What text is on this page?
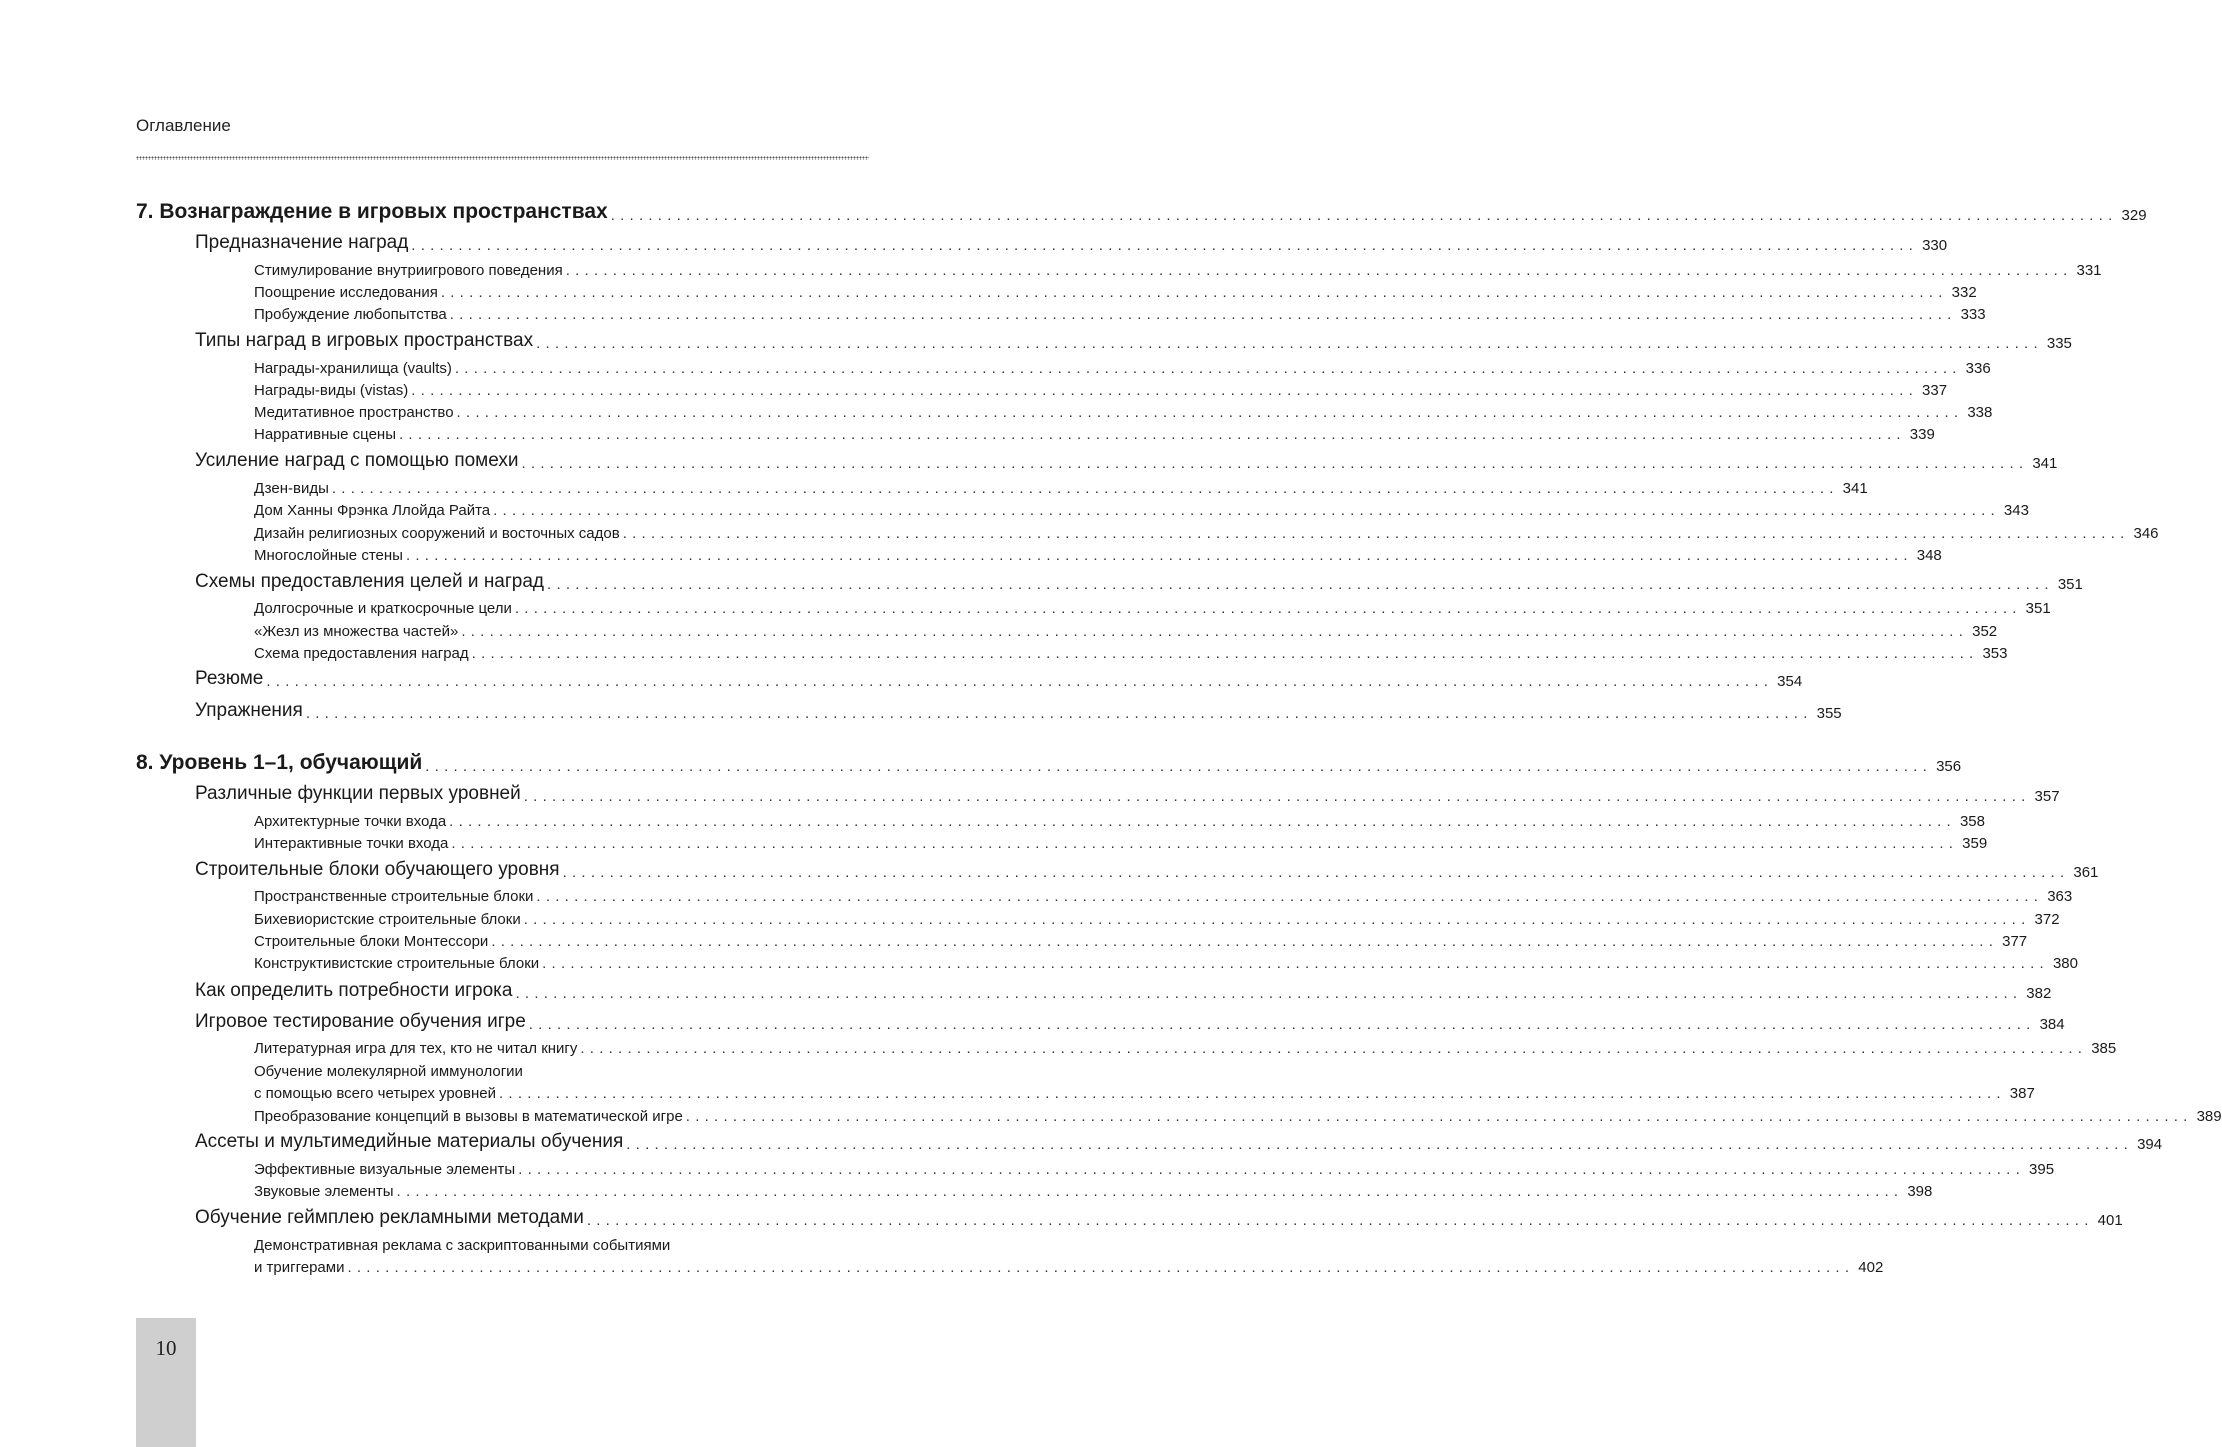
Оглавление
7. Вознаграждение в игровых пространствах ................................................................................................................................................................ 329
Предназначение наград ................................................................................................................................................................ 330
Стимулирование внутриигрового поведения ................................................................................................................................................................ 331
Поощрение исследования ................................................................................................................................................................ 332
Пробуждение любопытства ................................................................................................................................................................ 333
Типы наград в игровых пространствах ................................................................................................................................................................ 335
Награды-хранилища (vaults) ................................................................................................................................................................ 336
Награды-виды (vistas) ................................................................................................................................................................ 337
Медитативное пространство ................................................................................................................................................................ 338
Нарративные сцены ................................................................................................................................................................ 339
Усиление наград с помощью помехи ................................................................................................................................................................ 341
Дзен-виды ................................................................................................................................................................ 341
Дом Ханны Фрэнка Ллойда Райта ................................................................................................................................................................ 343
Дизайн религиозных сооружений и восточных садов ................................................................................................................................................................ 346
Многослойные стены ................................................................................................................................................................ 348
Схемы предоставления целей и наград ................................................................................................................................................................ 351
Долгосрочные и краткосрочные цели ................................................................................................................................................................ 351
«Жезл из множества частей» ................................................................................................................................................................ 352
Схема предоставления наград ................................................................................................................................................................ 353
Резюме ................................................................................................................................................................ 354
Упражнения ................................................................................................................................................................ 355
8. Уровень 1–1, обучающий ................................................................................................................................................................ 356
Различные функции первых уровней ................................................................................................................................................................ 357
Архитектурные точки входа ................................................................................................................................................................ 358
Интерактивные точки входа ................................................................................................................................................................ 359
Строительные блоки обучающего уровня ................................................................................................................................................................ 361
Пространственные строительные блоки ................................................................................................................................................................ 363
Бихевиористские строительные блоки ................................................................................................................................................................ 372
Строительные блоки Монтессори ................................................................................................................................................................ 377
Конструктивистские строительные блоки ................................................................................................................................................................ 380
Как определить потребности игрока ................................................................................................................................................................ 382
Игровое тестирование обучения игре ................................................................................................................................................................ 384
Литературная игра для тех, кто не читал книгу ................................................................................................................................................................ 385
Обучение молекулярной иммунологии
с помощью всего четырех уровней ................................................................................................................................................................ 387
Преобразование концепций в вызовы в математической игре ................................................................................................................................................................ 389
Ассеты и мультимедийные материалы обучения ................................................................................................................................................................ 394
Эффективные визуальные элементы ................................................................................................................................................................ 395
Звуковые элементы ................................................................................................................................................................ 398
Обучение геймплею рекламными методами ................................................................................................................................................................ 401
Демонстративная реклама с заскриптованными событиями
и триггерами ................................................................................................................................................................ 402
10
